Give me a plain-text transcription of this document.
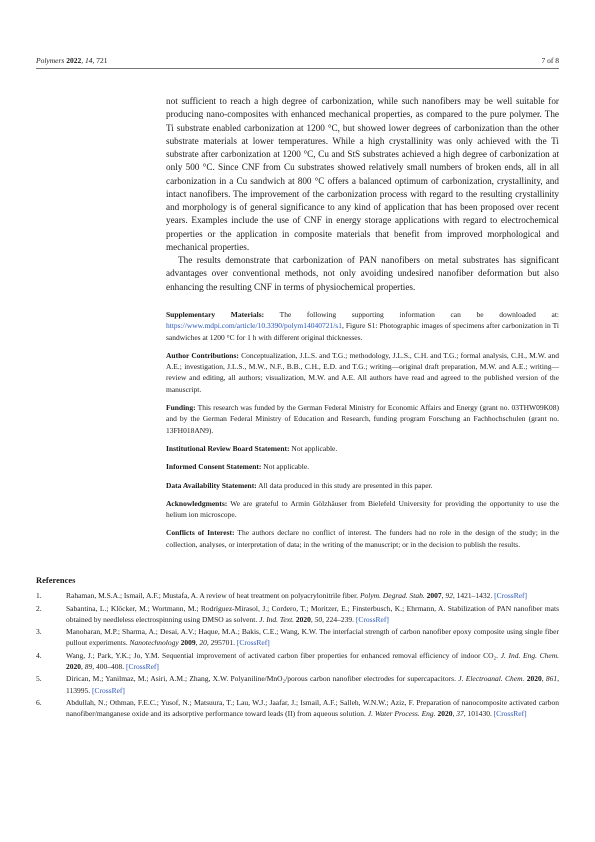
Polymers 2022, 14, 721	7 of 8

not sufficient to reach a high degree of carbonization, while such nanofibers may be well suitable for producing nano-composites with enhanced mechanical properties, as compared to the pure polymer. The Ti substrate enabled carbonization at 1200 °C, but showed lower degrees of carbonization than the other substrate materials at lower temperatures. While a high crystallinity was only achieved with the Ti substrate after carbonization at 1200 °C, Cu and StS substrates achieved a high degree of carbonization at only 500 °C. Since CNF from Cu substrates showed relatively small numbers of broken ends, all in all carbonization in a Cu sandwich at 800 °C offers a balanced optimum of carbonization, crystallinity, and intact nanofibers. The improvement of the carbonization process with regard to the resulting crystallinity and morphology is of general significance to any kind of application that has been proposed over recent years. Examples include the use of CNF in energy storage applications with regard to electrochemical properties or the application in composite materials that benefit from improved morphological and mechanical properties.

The results demonstrate that carbonization of PAN nanofibers on metal substrates has significant advantages over conventional methods, not only avoiding undesired nanofiber deformation but also enhancing the resulting CNF in terms of physiochemical properties.

Supplementary Materials: The following supporting information can be downloaded at: https://www.mdpi.com/article/10.3390/polym14040721/s1, Figure S1: Photographic images of specimens after carbonization in Ti sandwiches at 1200 °C for 1 h with different original thicknesses.

Author Contributions: Conceptualization, J.L.S. and T.G.; methodology, J.L.S., C.H. and T.G.; formal analysis, C.H., M.W. and A.E.; investigation, J.L.S., M.W., N.F., B.B., C.H., E.D. and T.G.; writing—original draft preparation, M.W. and A.E.; writing—review and editing, all authors; visualization, M.W. and A.E. All authors have read and agreed to the published version of the manuscript.

Funding: This research was funded by the German Federal Ministry for Economic Affairs and Energy (grant no. 03THW09K08) and by the German Federal Ministry of Education and Research, funding program Forschung an Fachhochschulen (grant no. 13FH018AN9).

Institutional Review Board Statement: Not applicable.

Informed Consent Statement: Not applicable.

Data Availability Statement: All data produced in this study are presented in this paper.

Acknowledgments: We are grateful to Armin Gölzhäuser from Bielefeld University for providing the opportunity to use the helium ion microscope.

Conflicts of Interest: The authors declare no conflict of interest. The funders had no role in the design of the study; in the collection, analyses, or interpretation of data; in the writing of the manuscript; or in the decision to publish the results.

References
1.	Rahaman, M.S.A.; Ismail, A.F.; Mustafa, A. A review of heat treatment on polyacrylonitrile fiber. Polym. Degrad. Stab. 2007, 92, 1421–1432. [CrossRef]
2.	Sabantina, L.; Klöcker, M.; Wortmann, M.; Rodríguez-Mirasol, J.; Cordero, T.; Moritzer, E.; Finsterbusch, K.; Ehrmann, A. Stabilization of PAN nanofiber mats obtained by needleless electrospinning using DMSO as solvent. J. Ind. Text. 2020, 50, 224–239. [CrossRef]
3.	Manoharan, M.P.; Sharma, A.; Desai, A.V.; Haque, M.A.; Bakis, C.E.; Wang, K.W. The interfacial strength of carbon nanofiber epoxy composite using single fiber pullout experiments. Nanotechnology 2009, 20, 295701. [CrossRef]
4.	Wang, J.; Park, Y.K.; Jo, Y.M. Sequential improvement of activated carbon fiber properties for enhanced removal efficiency of indoor CO₂. J. Ind. Eng. Chem. 2020, 89, 400–408. [CrossRef]
5.	Dirican, M.; Yanilmaz, M.; Asiri, A.M.; Zhang, X.W. Polyaniline/MnO₂/porous carbon nanofiber electrodes for supercapacitors. J. Electroanal. Chem. 2020, 861, 113995. [CrossRef]
6.	Abdullah, N.; Othman, F.E.C.; Yusof, N.; Matsuura, T.; Lau, W.J.; Jaafar, J.; Ismail, A.F.; Salleh, W.N.W.; Aziz, F. Preparation of nanocomposite activated carbon nanofiber/manganese oxide and its adsorptive performance toward leads (II) from aqueous solution. J. Water Process. Eng. 2020, 37, 101430. [CrossRef]
